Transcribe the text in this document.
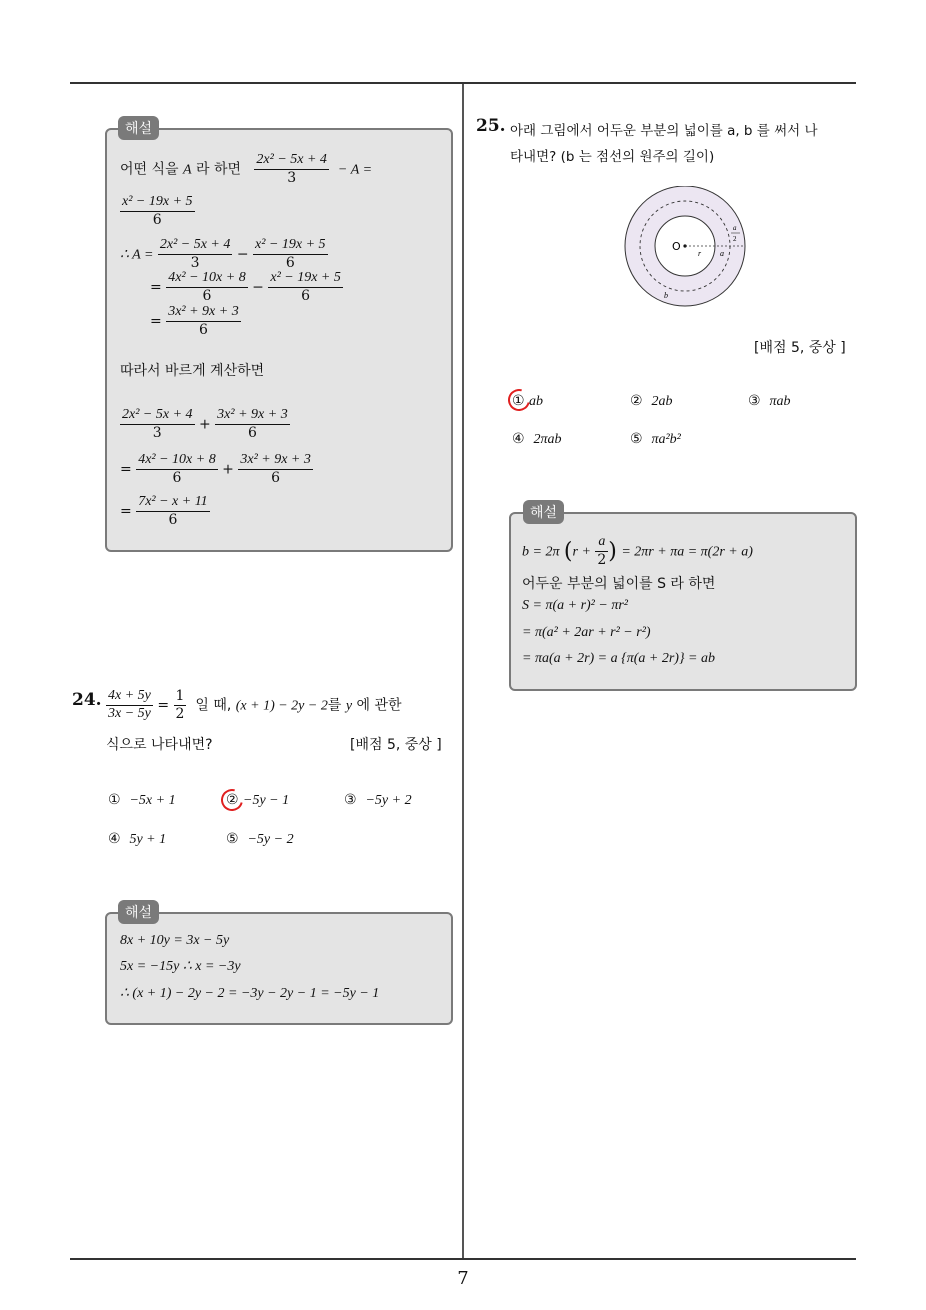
해설
어떤 식을 A 라 하면 $\frac{\text{2x² − 5x + 4}}{3} - A$ =
$\frac{\text{x² − 19x + 5}}{6}$
∴ $A = \frac{\text{2x² − 5x + 4}}{3} - \frac{\text{x² − 19x + 5}}{6}$
= $\frac{\text{4x² − 10x + 8}}{6} - \frac{\text{x² − 19x + 5}}{6}$
= $\frac{\text{3x² + 9x + 3}}{6}$
따라서 바르게 계산하면
$\frac{\text{2x² − 5x + 4}}{3} + \frac{\text{3x² + 9x + 3}}{6}$
= $\frac{\text{4x² − 10x + 8}}{6} + \frac{\text{3x² + 9x + 3}}{6}$
= $\frac{\text{7x² − x + 11}}{6}$
24. $\frac{4x + 5y}{3x - 5y} = \frac{1}{2}$ 일 때, (x + 1) − 2y − 2를 y 에 관한
식으로 나타내면?	[배점 5, 중상 ]
① −5x + 1	② −5y − 1	③ −5y + 2
④ 5y + 1	⑤ −5y − 2
해설
8x + 10y = 3x − 5y
5x = −15y ∴ x = −3y
∴ (x + 1) − 2y − 2 = −3y − 2y − 1 = −5y − 1
25. 아래 그림에서 어두운 부분의 넓이를 a, b 를 써서 나
타내면? (b 는 점선의 원주의 길이)
O
r a
a
2
b
[배점 5, 중상 ]
① ab	② 2ab	③ πab
④ 2πab	⑤ πa²b²
해설
b = 2π ($r + \frac{a}{2}$ ) = 2πr + πa = π(2r + a)
어두운 부분의 넓이를 S 라 하면
S = π(a + r)² − πr²
= π(a² + 2ar + r² − r²)
= πa(a + 2r) = a {π(a + 2r)} = ab
7
